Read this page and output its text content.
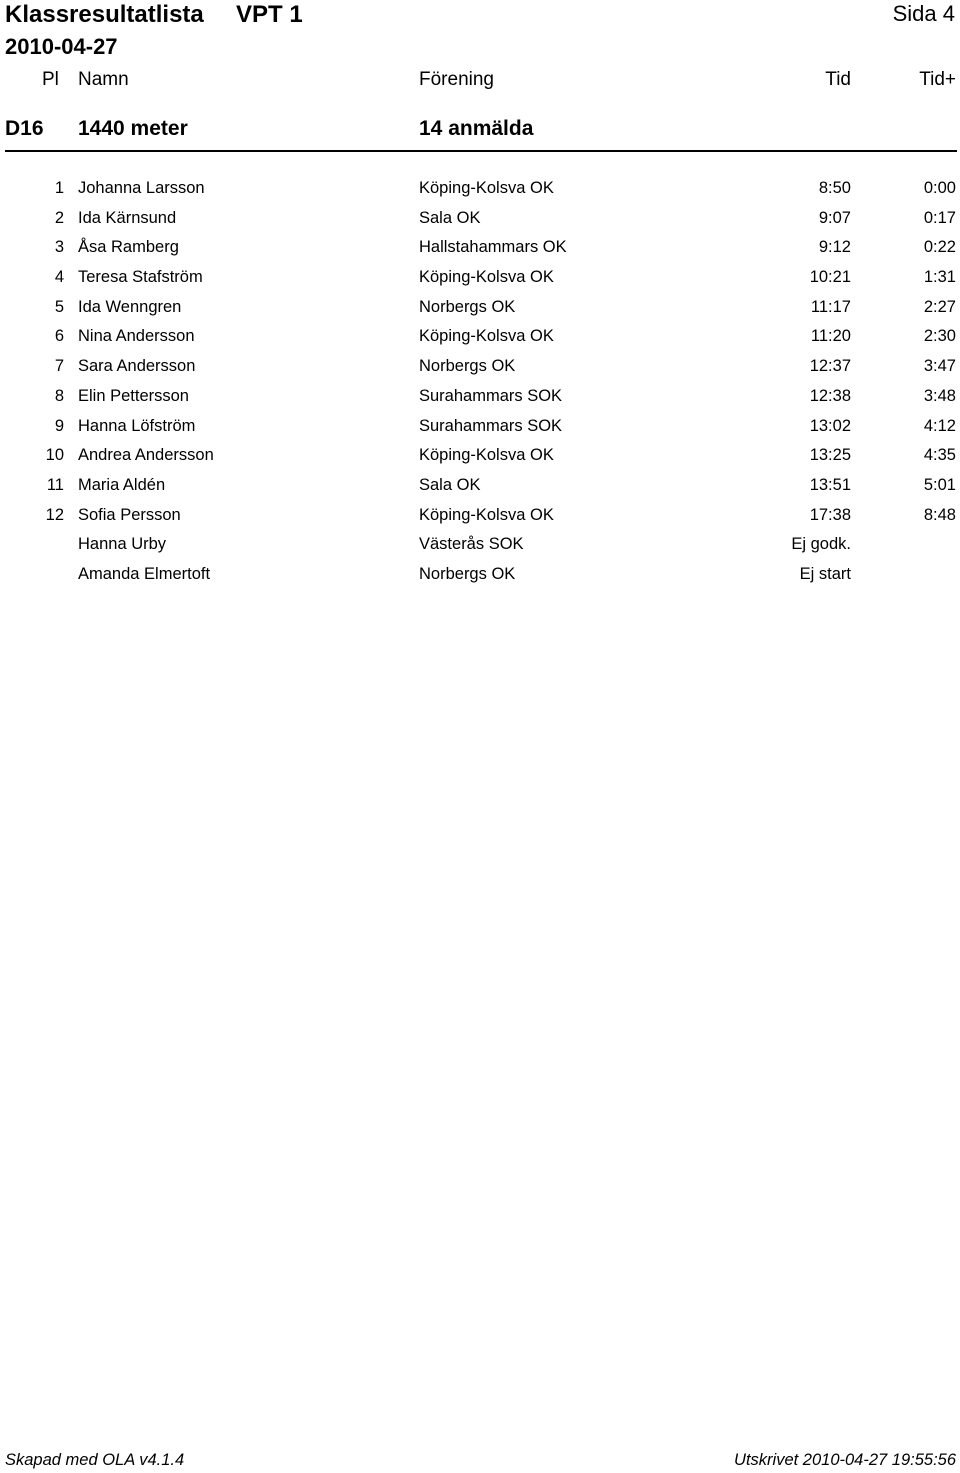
Klassresultatlista VPT 1	Sida 4
2010-04-27
Pl Namn	Förening	Tid	Tid+
D16 1440 meter	14 anmälda
1 Johanna Larsson	Köping-Kolsva OK	8:50	0:00
2 Ida Kärnsund	Sala OK	9:07	0:17
3 Åsa Ramberg	Hallstahammars OK	9:12	0:22
4 Teresa Stafström	Köping-Kolsva OK	10:21	1:31
5 Ida Wenngren	Norbergs OK	11:17	2:27
6 Nina Andersson	Köping-Kolsva OK	11:20	2:30
7 Sara Andersson	Norbergs OK	12:37	3:47
8 Elin Pettersson	Surahammars SOK	12:38	3:48
9 Hanna Löfström	Surahammars SOK	13:02	4:12
10 Andrea Andersson	Köping-Kolsva OK	13:25	4:35
11 Maria Aldén	Sala OK	13:51	5:01
12 Sofia Persson	Köping-Kolsva OK	17:38	8:48
Hanna Urby	Västerås SOK	Ej godk.
Amanda Elmertoft	Norbergs OK	Ej start
Skapad med OLA v4.1.4	Utskrivet 2010-04-27 19:55:56
